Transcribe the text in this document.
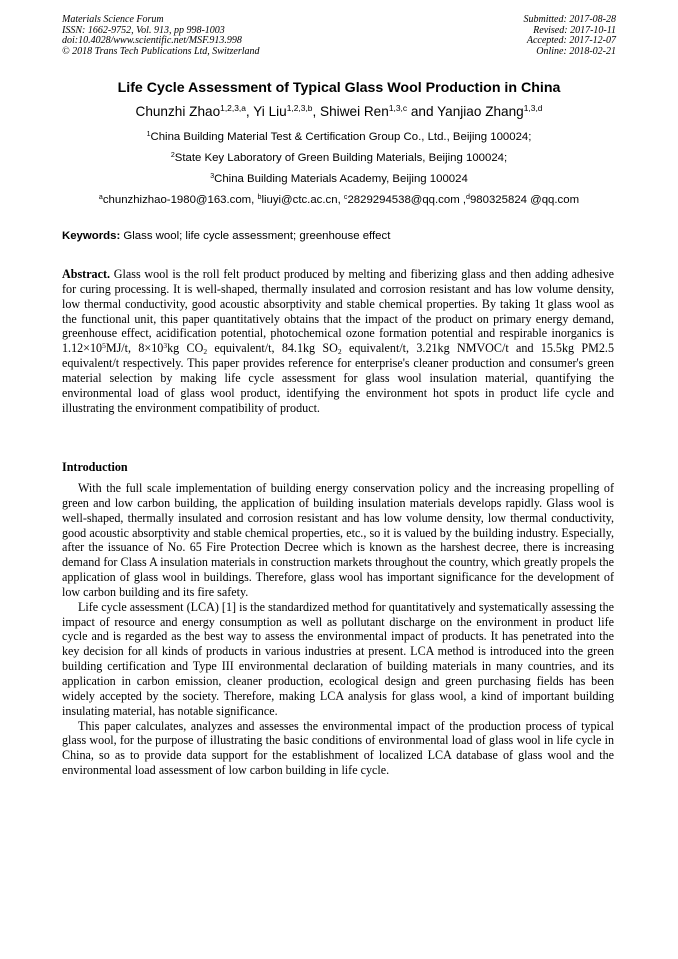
Materials Science Forum
ISSN: 1662-9752, Vol. 913, pp 998-1003
doi:10.4028/www.scientific.net/MSF.913.998
© 2018 Trans Tech Publications Ltd, Switzerland
Submitted: 2017-08-28
Revised: 2017-10-11
Accepted: 2017-12-07
Online: 2018-02-21
Life Cycle Assessment of Typical Glass Wool Production in China
Chunzhi Zhao$^{1,2,3,a}$, Yi Liu$^{1,2,3,b}$, Shiwei Ren$^{1,3,c}$ and Yanjiao Zhang$^{1,3,d}$
$^1$China Building Material Test & Certification Group Co., Ltd., Beijing 100024;
$^2$State Key Laboratory of Green Building Materials, Beijing 100024;
$^3$China Building Materials Academy, Beijing 100024
$^a$chunzhizhao-1980@163.com, $^b$liuyi@ctc.ac.cn, $^c$2829294538@qq.com ,$^d$980325824 @qq.com
Keywords: Glass wool; life cycle assessment; greenhouse effect

Abstract. Glass wool is the roll felt product produced by melting and fiberizing glass and then adding adhesive for curing processing. It is well-shaped, thermally insulated and corrosion resistant and has low volume density, low thermal conductivity, good acoustic absorptivity and stable chemical properties. By taking 1t glass wool as the functional unit, this paper quantitatively obtains that the impact of the product on primary energy demand, greenhouse effect, acidification potential, photochemical ozone formation potential and respirable inorganics is $1.12\times 10^5MJ/t$, $8\times 10^3kg$ $CO_2$ equivalent/t, 84.1kg $SO_2$ equivalent/t, 3.21kg NMVOC/t and 15.5kg PM2.5 equivalent/t respectively. This paper provides reference for enterprise's cleaner production and consumer's green material selection by making life cycle assessment for glass wool insulation material, quantifying the environmental load of glass wool product, identifying the environment hot spots in product life cycle and illustrating the environment compatibility of product.

Introduction

With the full scale implementation of building energy conservation policy and the increasing propelling of green and low carbon building, the application of building insulation materials develops rapidly. Glass wool is well-shaped, thermally insulated and corrosion resistant and has low volume density, low thermal conductivity, good acoustic absorptivity and stable chemical properties, etc., so it is valued by the building industry. Especially, after the issuance of No. 65 Fire Protection Decree which is known as the harshest decree, there is increasing demand for Class A insulation materials in construction markets throughout the country, which greatly propels the application of glass wool in buildings. Therefore, glass wool has important significance for the development of low carbon building and its fire safety.

Life cycle assessment (LCA) [1] is the standardized method for quantitatively and systematically assessing the impact of resource and energy consumption as well as pollutant discharge on the environment in product life cycle and is regarded as the best way to assess the environmental impact of products. It has penetrated into the key decision for all kinds of products in various industries at present. LCA method is introduced into the green building certification and Type III environmental declaration of building materials in many countries, and its application in carbon emission, cleaner production, ecological design and green purchasing fields has been widely accepted by the society. Therefore, making LCA analysis for glass wool, a kind of important building insulating material, has notable significance.

This paper calculates, analyzes and assesses the environmental impact of the production process of typical glass wool, for the purpose of illustrating the basic conditions of environmental load of glass wool in life cycle in China, so as to provide data support for the establishment of localized LCA database of glass wool and the environmental load assessment of low carbon building in life cycle.
